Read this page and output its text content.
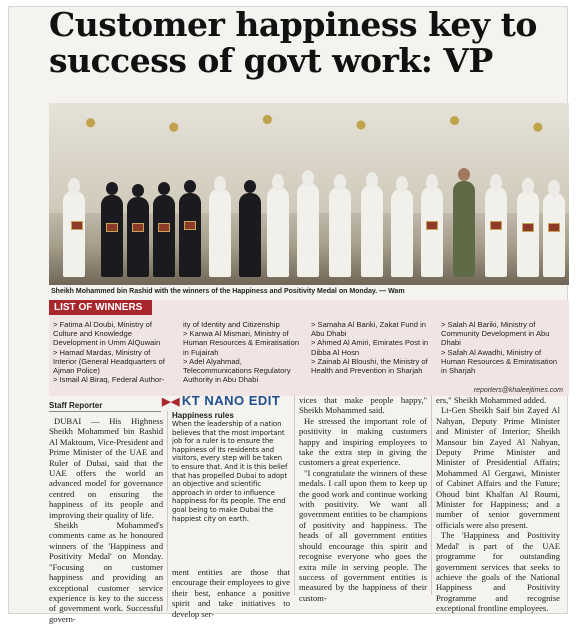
Customer happiness key to
success of govt work: VP
Sheikh Mohammed bin Rashid with the winners of the Happiness and Positivity Medal on Monday. — Wam
LIST OF WINNERS
> Fatima Al Doubi, Ministry of Culture and Knowledge Development in Umm AlQuwain
> Hamad Mardas, Ministry of Interior (General Headquarters of Ajman Police)
> Ismail Al Biraq, Federal Author-
ity of Identity and Citizenship
> Kanwa Al Mismari, Ministry of Human Resources & Emiratisation in Fujairah
> Adel Alyahmad, Telecommunications Regulatory Authority in Abu Dhabi
> Samaha Al Bariki, Zakat Fund in Abu Dhabi
> Ahmed Al Amiri, Emirates Post in Dibba Al Hosn
> Zainab Al Bloushi, the Ministry of Health and Prevention in Sharjah
> Salah Al Bariki, Ministry of Community Development in Abu Dhabi
> Safah Al Awadhi, Ministry of Human Resources & Emiratisation in Sharjah
reporters@khaleejtimes.com
Staff Reporter

DUBAI — His Highness Sheikh Mohammed bin Rashid Al Maktoum, Vice-President and Prime Minister of the UAE and Ruler of Dubai, said that the UAE offers the world an advanced model for governance centred on ensuring the happiness of its people and improving their quality of life.

Sheikh Mohammed's comments came as he honoured winners of the 'Happiness and Positivity Medal' on Monday. "Focusing on customer happiness and providing an exceptional customer service experience is key to the success of government work. Successful govern-

▶◀ KT NANO EDIT
Happiness rules
When the leadership of a nation believes that the most important job for a ruler is to ensure the happiness of its residents and visitors, every step will be taken to ensure that. And it is this belief that has propelled Dubai to adopt an objective and scientific approach in order to influence happiness for its people. The end goal being to make Dubai the happiest city on earth.

ment entities are those that encourage their employees to give their best, enhance a positive spirit and take initiatives to develop ser-

vices that make people happy," Sheikh Mohammed said.

He stressed the important role of positivity in making customers happy and inspiring employees to take the extra step in giving the customers a great experience.

"I congratulate the winners of these medals. I call upon them to keep up the good work and continue working with positivity. We want all government entities to be champions of positivity and happiness. The heads of all government entities should encourage this spirit and recognise everyone who goes the extra mile in serving people. The success of government entities is measured by the happiness of their custom-

ers," Sheikh Mohammed added.

Lt-Gen Sheikh Saif bin Zayed Al Nahyan, Deputy Prime Minister and Minister of Interior; Sheikh Mansour bin Zayed Al Nahyan, Deputy Prime Minister and Minister of Presidential Affairs; Mohammed Al Gergawi, Minister of Cabinet Affairs and the Future; Ohoud bint Khalfan Al Roumi, Minister for Happiness; and a number of senior government officials were also present.

The 'Happiness and Positivity Medal' is part of the UAE programme for outstanding government services that seeks to achieve the goals of the National Happiness and Positivity Programme and recognise exceptional frontline employees.
